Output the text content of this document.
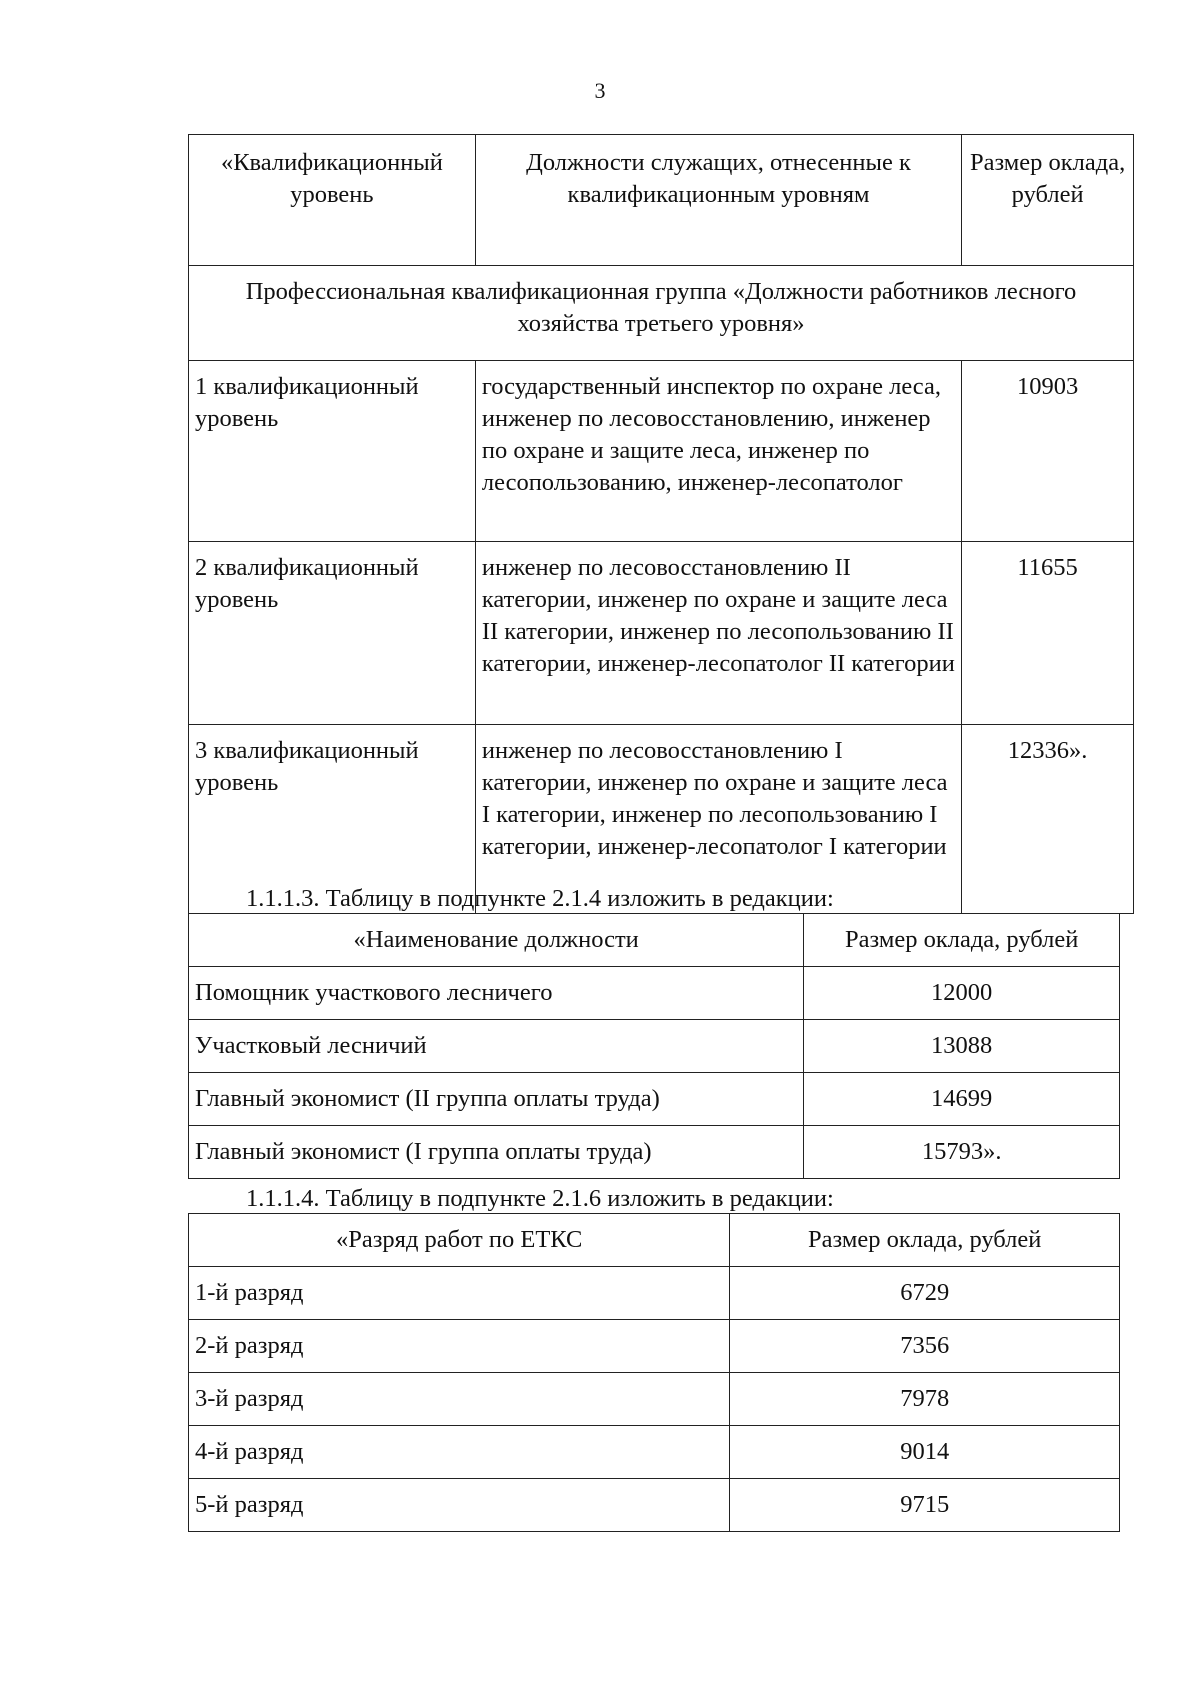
3
«Квалификационный уровень	Должности служащих, отнесенные к квалификационным уровням	Размер оклада, рублей
Профессиональная квалификационная группа «Должности работников лесного хозяйства третьего уровня»		
1 квалификационный уровень	государственный инспектор по охране леса, инженер по лесовосстановлению, инженер по охране и защите леса, инженер по лесопользованию, инженер-лесопатолог	10903
2 квалификационный уровень	инженер по лесовосстановлению II категории, инженер по охране и защите леса II категории, инженер по лесопользованию II категории, инженер-лесопатолог II категории	11655
3 квалификационный уровень	инженер по лесовосстановлению I категории, инженер по охране и защите леса I категории, инженер по лесопользованию I категории, инженер-лесопатолог I категории	12336».
1.1.1.3. Таблицу в подпункте 2.1.4 изложить в редакции:
«Наименование должности	Размер оклада, рублей
Помощник участкового лесничего	12000
Участковый лесничий	13088
Главный экономист (II группа оплаты труда)	14699
Главный экономист (I группа оплаты труда)	15793».
1.1.1.4. Таблицу в подпункте 2.1.6 изложить в редакции:
«Разряд работ по ЕТКС	Размер оклада, рублей
1-й разряд	6729
2-й разряд	7356
3-й разряд	7978
4-й разряд	9014
5-й разряд	9715
